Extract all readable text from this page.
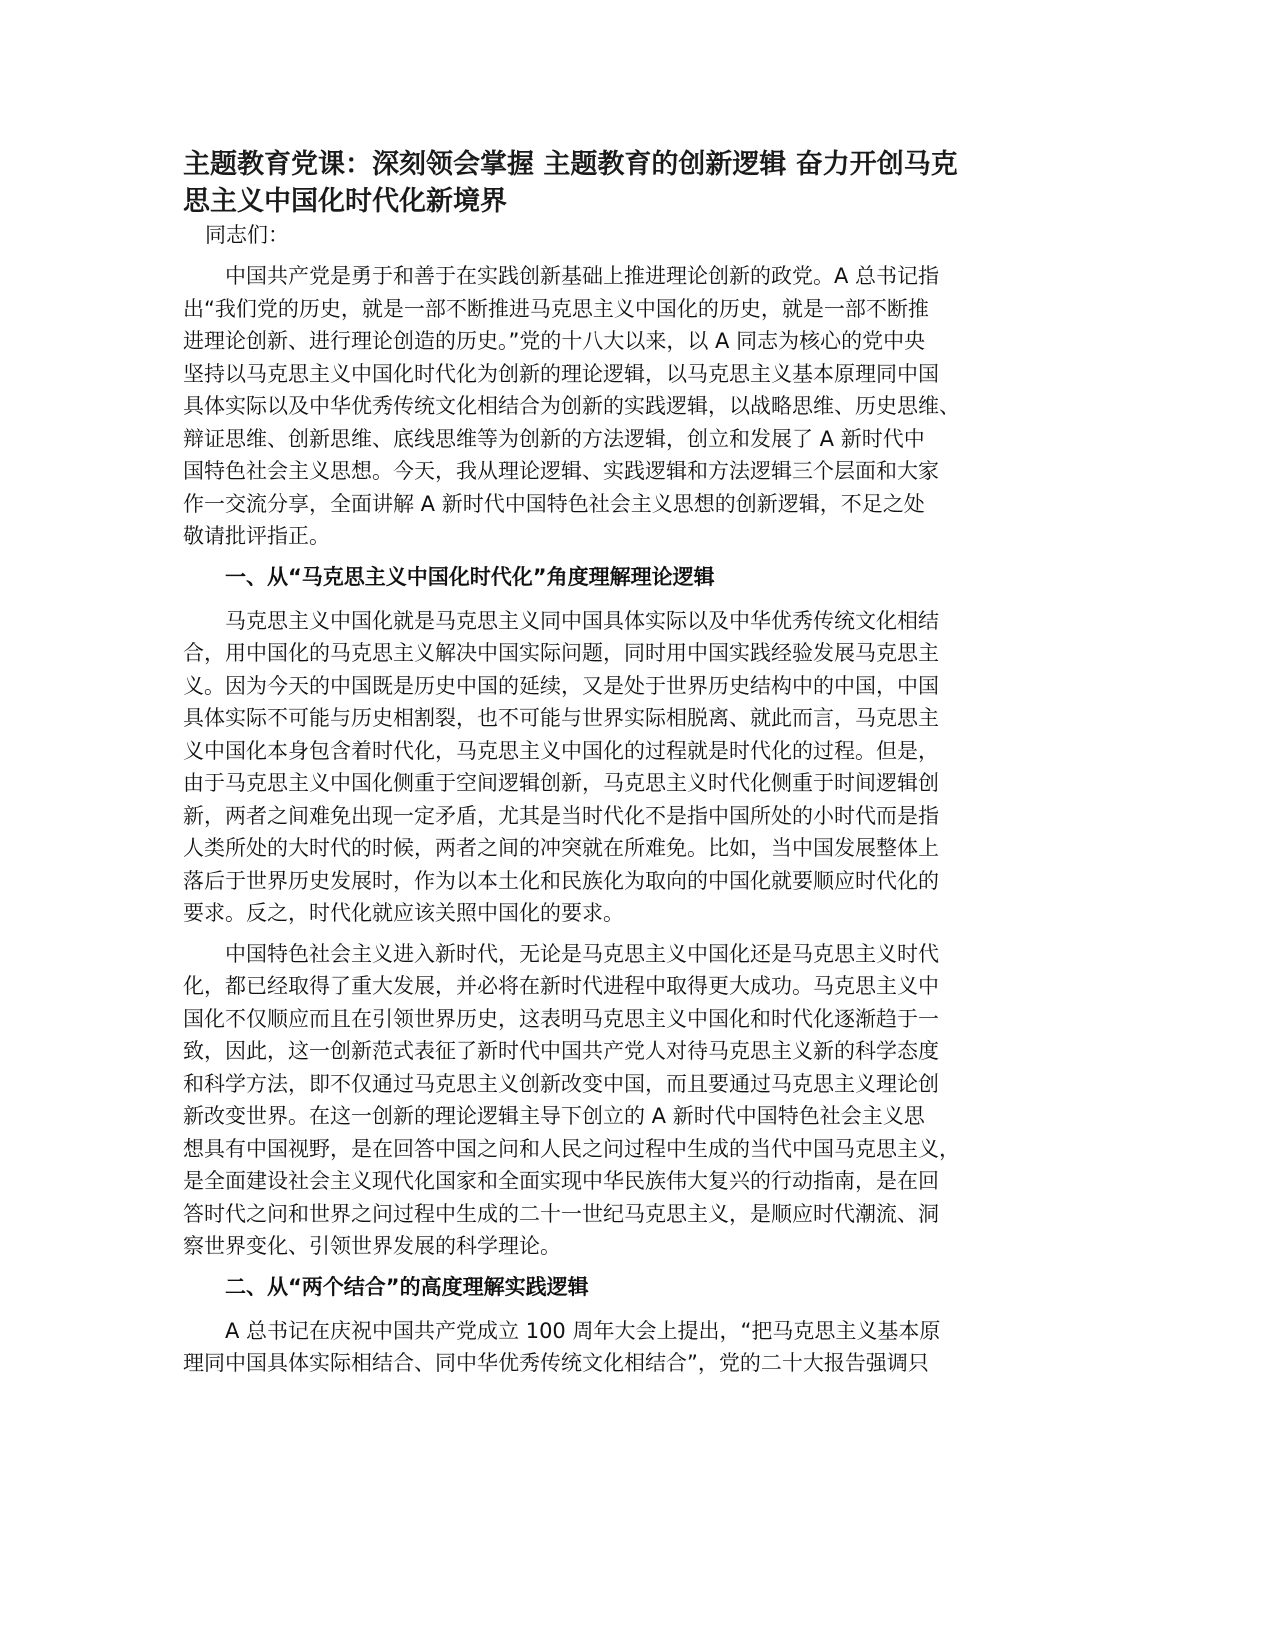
主题教育党课：深刻领会掌握 主题教育的创新逻辑 奋力开创马克
思主义中国化时代化新境界
同志们：

　　中国共产党是勇于和善于在实践创新基础上推进理论创新的政党。A 总书记指
出“我们党的历史，就是一部不断推进马克思主义中国化的历史，就是一部不断推
进理论创新、进行理论创造的历史。”党的十八大以来，以 A 同志为核心的党中央
坚持以马克思主义中国化时代化为创新的理论逻辑，以马克思主义基本原理同中国
具体实际以及中华优秀传统文化相结合为创新的实践逻辑，以战略思维、历史思维、
辩证思维、创新思维、底线思维等为创新的方法逻辑，创立和发展了 A 新时代中
国特色社会主义思想。今天，我从理论逻辑、实践逻辑和方法逻辑三个层面和大家
作一交流分享，全面讲解 A 新时代中国特色社会主义思想的创新逻辑，不足之处
敬请批评指正。

　　一、从“马克思主义中国化时代化”角度理解理论逻辑

　　马克思主义中国化就是马克思主义同中国具体实际以及中华优秀传统文化相结
合，用中国化的马克思主义解决中国实际问题，同时用中国实践经验发展马克思主
义。因为今天的中国既是历史中国的延续，又是处于世界历史结构中的中国，中国
具体实际不可能与历史相割裂，也不可能与世界实际相脱离、就此而言，马克思主
义中国化本身包含着时代化，马克思主义中国化的过程就是时代化的过程。但是，
由于马克思主义中国化侧重于空间逻辑创新，马克思主义时代化侧重于时间逻辑创
新，两者之间难免出现一定矛盾，尤其是当时代化不是指中国所处的小时代而是指
人类所处的大时代的时候，两者之间的冲突就在所难免。比如，当中国发展整体上
落后于世界历史发展时，作为以本土化和民族化为取向的中国化就要顺应时代化的
要求。反之，时代化就应该关照中国化的要求。

　　中国特色社会主义进入新时代，无论是马克思主义中国化还是马克思主义时代
化，都已经取得了重大发展，并必将在新时代进程中取得更大成功。马克思主义中
国化不仅顺应而且在引领世界历史，这表明马克思主义中国化和时代化逐渐趋于一
致，因此，这一创新范式表征了新时代中国共产党人对待马克思主义新的科学态度
和科学方法，即不仅通过马克思主义创新改变中国，而且要通过马克思主义理论创
新改变世界。在这一创新的理论逻辑主导下创立的 A 新时代中国特色社会主义思
想具有中国视野，是在回答中国之问和人民之问过程中生成的当代中国马克思主义，
是全面建设社会主义现代化国家和全面实现中华民族伟大复兴的行动指南，是在回
答时代之问和世界之问过程中生成的二十一世纪马克思主义，是顺应时代潮流、洞
察世界变化、引领世界发展的科学理论。

　　二、从“两个结合”的高度理解实践逻辑

　　A 总书记在庆祝中国共产党成立 100 周年大会上提出，“把马克思主义基本原
理同中国具体实际相结合、同中华优秀传统文化相结合”，党的二十大报告强调只
